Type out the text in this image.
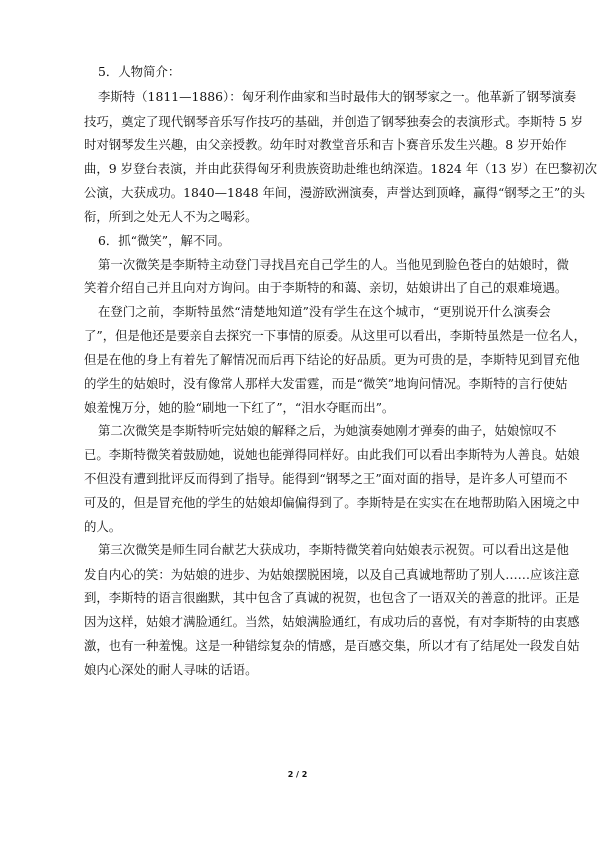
5．人物简介：
李斯特（1811—1886）：匈牙利作曲家和当时最伟大的钢琴家之一。他革新了钢琴演奏
技巧，奠定了现代钢琴音乐写作技巧的基础，并创造了钢琴独奏会的表演形式。李斯特 5 岁
时对钢琴发生兴趣，由父亲授教。幼年时对教堂音乐和吉卜赛音乐发生兴趣。8 岁开始作
曲，9 岁登台表演，并由此获得匈牙利贵族资助赴维也纳深造。1824 年（13 岁）在巴黎初次
公演，大获成功。1840—1848 年间，漫游欧洲演奏，声誉达到顶峰，赢得“钢琴之王”的头
衔，所到之处无人不为之喝彩。
6．抓“微笑”，解不同。
第一次微笑是李斯特主动登门寻找昌充自己学生的人。当他见到脸色苍白的姑娘时，微
笑着介绍自己并且向对方询问。由于李斯特的和蔼、亲切，姑娘讲出了自己的艰难境遇。
在登门之前，李斯特虽然“清楚地知道”没有学生在这个城市，“更别说开什么演奏会
了”，但是他还是要亲自去探究一下事情的原委。从这里可以看出，李斯特虽然是一位名人，
但是在他的身上有着先了解情况而后再下结论的好品质。更为可贵的是，李斯特见到冒充他
的学生的姑娘时，没有像常人那样大发雷霆，而是“微笑”地询问情况。李斯特的言行使姑
娘羞愧万分，她的脸“刷地一下红了”，“泪水夺眶而出”。
第二次微笑是李斯特听完姑娘的解释之后，为她演奏她刚才弹奏的曲子，姑娘惊叹不
已。李斯特微笑着鼓励她，说她也能弹得同样好。由此我们可以看出李斯特为人善良。姑娘
不但没有遭到批评反而得到了指导。能得到“钢琴之王”面对面的指导，是许多人可望而不
可及的，但是冒充他的学生的姑娘却偏偏得到了。李斯特是在实实在在地帮助陷入困境之中
的人。
第三次微笑是师生同台献艺大获成功，李斯特微笑着向姑娘表示祝贺。可以看出这是他
发自内心的笑：为姑娘的进步、为姑娘摆脱困境，以及自己真诚地帮助了别人……应该注意
到，李斯特的语言很幽默，其中包含了真诚的祝贺，也包含了一语双关的善意的批评。正是
因为这样，姑娘才满脸通红。当然，姑娘满脸通红，有成功后的喜悦，有对李斯特的由衷感
激，也有一种羞愧。这是一种错综复杂的情感，是百感交集，所以才有了结尾处一段发自姑
娘内心深处的耐人寻味的话语。
2 / 2
